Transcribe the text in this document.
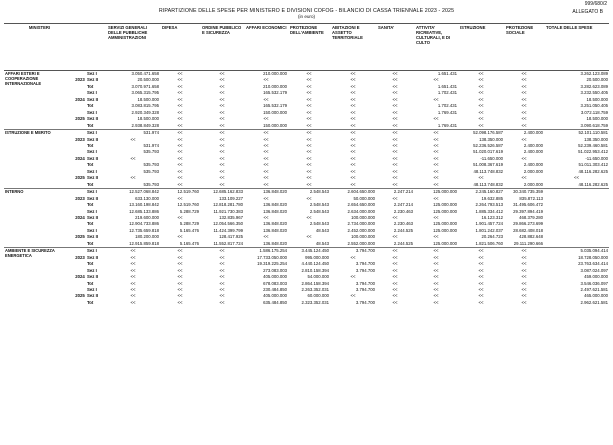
999/680/2
RIPARTIZIONE DELLE SPESE PER MINISTERO E DIVISIONI COFOG - BILANCIO DI CASSA TRIENNALE 2023 - 2025
(in euro)
ALLEGATO B
MINISTERI			SERVIZI GENERALI DELLE PUBBLICHE AMMINISTRAZIONI	DIFESA	ORDINE PUBBLICO E SICUREZZA	AFFARI ECONOMICI	PROTEZIONE DELL'AMBIENTE	ABITAZIONI E ASSETTO TERRITORIALE	SANITA'	ATTIVITA' RICREATIVE, CULTURALI, E DI CULTO	ISTRUZIONE	PROTEZIONE SOCIALE	TOTALE DELLE SPESE
AFFARI ESTERI E COOPERAZIONE INTERNAZIONALE	2023	Sez I	3.050.471.658	<<	<<	210.000.000	<<	<<	<<	1.651.431	<<	<<	3.262.123.089
		Sez II	20.500.000	<<	<<	<<	<<	<<	<<	<<	<<	<<	20.500.000
		Tot	3.070.971.658	<<	<<	210.000.000	<<	<<	<<	1.651.431	<<	<<	3.282.623.089
	2024	Sez I	3.065.315.795	<<	<<	165.532.179	<<	<<	<<	1.702.431	<<	<<	3.232.550.405
		Sez II	18.500.000	<<	<<	<<	<<	<<	<<	<<	<<	<<	18.500.000
		Tot	3.083.815.795	<<	<<	165.532.179	<<	<<	<<	1.702.431	<<	<<	3.251.050.405
	2025	Sez I	2.920.349.328	<<	<<	150.000.000	<<	<<	<<	1.769.431	<<	<<	3.072.118.759
		Sez II	18.500.000	<<	<<	<<	<<	<<	<<	<<	<<	<<	18.500.000
		Tot	2.938.849.328	<<	<<	150.000.000	<<	<<	<<	1.769.431	<<	<<	3.090.618.759
ISTRUZIONE E MERITO	2023	Sez I	531.974	<<	<<	<<	<<	<<	<<	<<	52.098.176.587	2.400.000	52.101.110.581
		Sez II	<<	<<	<<	<<	<<	<<	<<	<<	138.350.000	<<	138.350.000
		Tot	531.974	<<	<<	<<	<<	<<	<<	<<	52.236.526.587	2.400.000	52.239.460.581
	2024	Sez I	535.793	<<	<<	<<	<<	<<	<<	<<	51.020.017.619	2.400.000	51.022.953.412
		Sez II	<<	<<	<<	<<	<<	<<	<<	<<	-11.650.000	<<	-11.650.000
		Tot	535.793	<<	<<	<<	<<	<<	<<	<<	51.008.367.619	2.400.000	51.011.303.412
	2025	Sez I	535.793	<<	<<	<<	<<	<<	<<	<<	48.113.748.832	2.000.000	48.116.282.625
		Sez II	<<	<<	<<	<<	<<	<<	<<	<<	<<	<<	<<
		Tot	535.793	<<	<<	<<	<<	<<	<<	<<	48.113.748.832	2.000.000	48.116.282.625
INTERNO	2023	Sez I	12.527.068.842	12.519.760	12.685.162.833	136.848.020	2.548.543	2.604.650.000	2.247.214	125.000.000	2.245.160.827	30.340.735.359	
		Sez II	633.130.000	<<	133.109.227	<<	<<	50.000.000	<<	<<	19.632.885	835.872.113	
		Tot	13.160.198.842	12.519.760	12.818.281.780	136.848.020	2.548.543	2.654.650.000	2.247.214	125.000.000	2.264.793.513	31.495.606.472	
	2024	Sez I	12.685.133.886	5.288.729	11.921.730.383	136.848.020	2.548.543	2.634.000.000	2.230.463	125.000.000	1.885.334.412	29.397.894.419	
		Sez II	219.600.000	<<	132.835.967	<<	<<	100.000.000	<<	<<	16.123.312	468.379.280	
		Tot	12.904.733.886	5.288.729	12.054.566.350	136.848.020	2.548.543	2.734.000.000	2.230.463	125.000.000	1.901.457.724	29.866.273.699	
	2025	Sez I	12.735.659.818	5.165.476	11.424.399.799	136.848.020	48.543	2.452.000.000	2.244.525	125.000.000	1.801.242.037	28.682.408.018	
		Sez II	180.200.000	<<	128.417.925	<<	<<	100.000.000	<<	<<	20.264.723	428.882.648	
		Tot	12.915.859.818	5.165.476	11.552.817.724	136.848.020	48.543	2.552.000.000	2.244.525	125.000.000	1.821.506.760	29.111.290.666	
AMBIENTE E SICUREZZA ENERGETICA	2023	Sez I	<<	<<	<<	1.586.175.254	3.445.124.450	3.794.700	<<	<<	<<	<<	5.035.094.414
		Sez II	<<	<<	<<	17.733.050.000	995.000.000	<<	<<	<<	<<	<<	18.728.050.000
		Tot	<<	<<	<<	19.319.225.254	4.440.124.450	3.794.700	<<	<<	<<	<<	23.763.634.414
	2024	Sez I	<<	<<	<<	273.083.003	2.810.158.394	3.794.700	<<	<<	<<	<<	3.087.024.097
		Sez II	<<	<<	<<	405.000.000	54.000.000	<<	<<	<<	<<	<<	459.000.000
		Tot	<<	<<	<<	678.083.003	2.864.158.394	3.794.700	<<	<<	<<	<<	3.546.036.097
	2025	Sez I	<<	<<	<<	230.484.850	2.263.352.031	3.794.700	<<	<<	<<	<<	2.497.621.581
		Sez II	<<	<<	<<	405.000.000	60.000.000	<<	<<	<<	<<	<<	465.000.000
		Tot	<<	<<	<<	635.484.850	2.323.352.031	3.794.700	<<	<<	<<	<<	2.962.621.581
